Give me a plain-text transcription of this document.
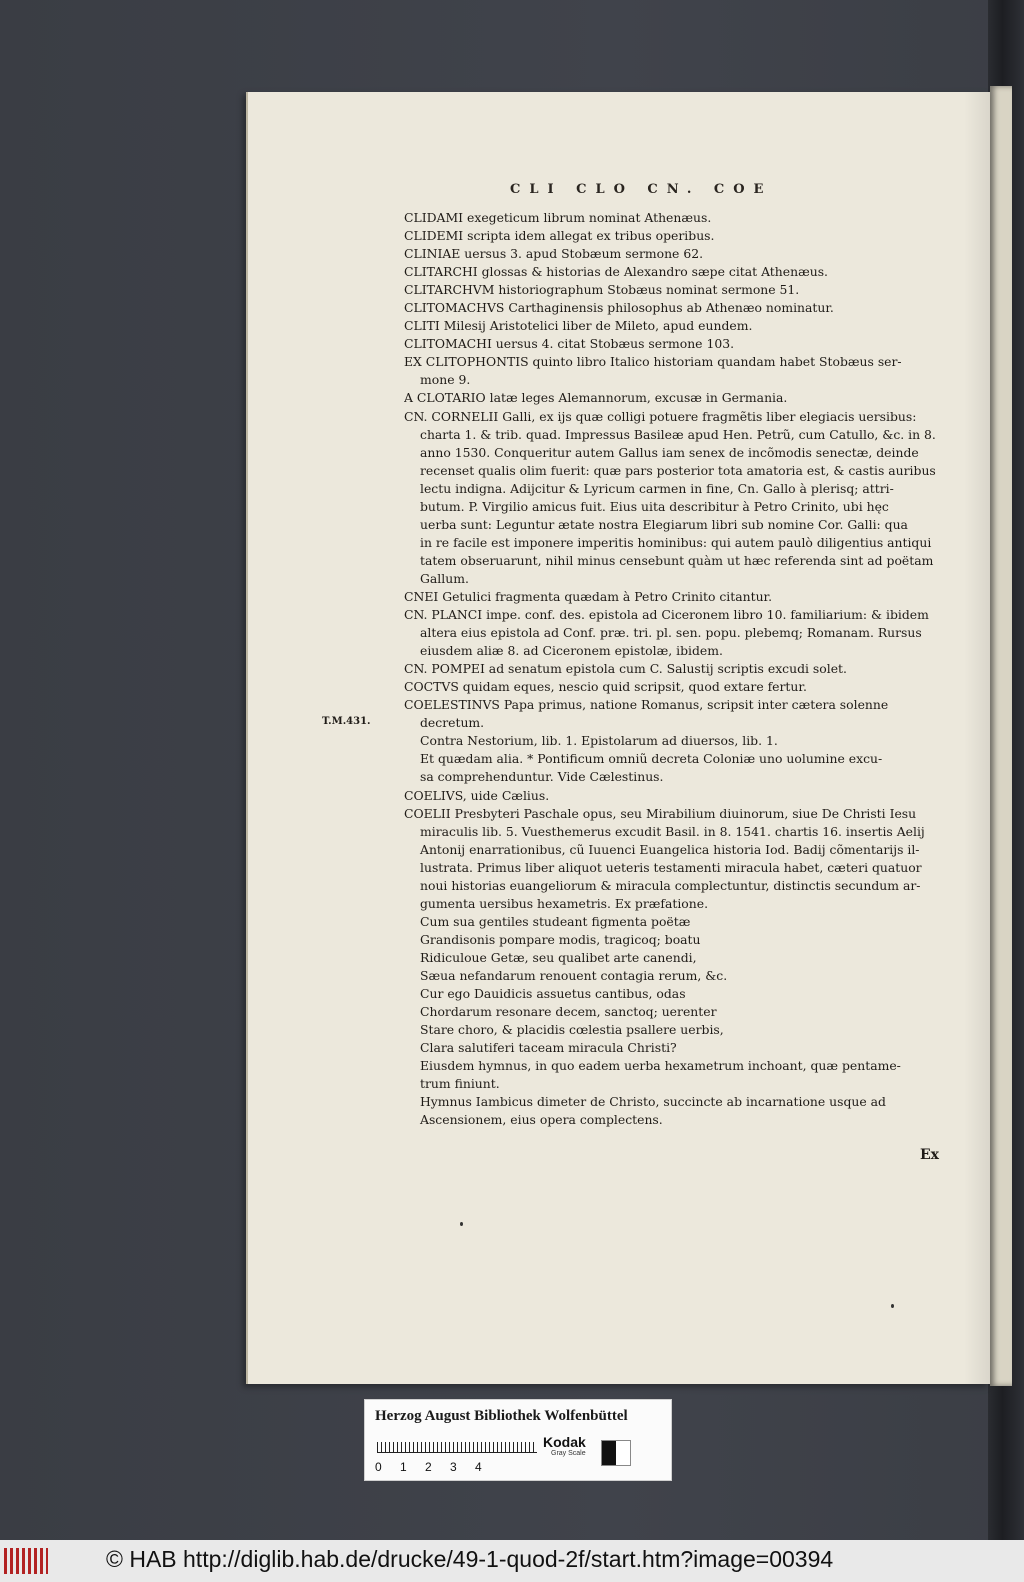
CLI CLO CN. COE
T.M.431.
CLIDAMI exegeticum librum nominat Athenæus.
CLIDEMI scripta idem allegat ex tribus operibus.
CLINIAE uersus 3. apud Stobæum sermone 62.
CLITARCHI glossas & historias de Alexandro sæpe citat Athenæus.
CLITARCHVM historiographum Stobæus nominat sermone 51.
CLITOMACHVS Carthaginensis philosophus ab Athenæo nominatur.
CLITI Milesij Aristotelici liber de Mileto, apud eundem.
CLITOMACHI uersus 4. citat Stobæus sermone 103.
EX CLITOPHONTIS quinto libro Italico historiam quandam habet Stobæus ser-
mone 9.
A CLOTARIO latæ leges Alemannorum, excusæ in Germania.
CN. CORNELII Galli, ex ijs quæ colligi potuere fragmẽtis liber elegiacis uersibus:
charta 1. & trib. quad. Impressus Basileæ apud Hen. Petrũ, cum Catullo, &c. in 8.
anno 1530. Conqueritur autem Gallus iam senex de incõmodis senectæ, deinde
recenset qualis olim fuerit: quæ pars posterior tota amatoria est, & castis auribus
lectu indigna. Adijcitur & Lyricum carmen in fine, Cn. Gallo à plerisq; attri-
butum. P. Virgilio amicus fuit. Eius uita describitur à Petro Crinito, ubi hęc
» uerba sunt: Leguntur ætate nostra Elegiarum libri sub nomine Cor. Galli: qua
» in re facile est imponere imperitis hominibus: qui autem paulò diligentius antiqui
» tatem obseruarunt, nihil minus censebunt quàm ut hæc referenda sint ad poëtam
» Gallum.
CNEI Getulici fragmenta quædam à Petro Crinito citantur.
CN. PLANCI impe. conf. des. epistola ad Ciceronem libro 10. familiarium: & ibidem
altera eius epistola ad Conf. præ. tri. pl. sen. popu. plebemq; Romanam. Rursus
eiusdem aliæ 8. ad Ciceronem epistolæ, ibidem.
CN. POMPEI ad senatum epistola cum C. Salustij scriptis excudi solet.
COCTVS quidam eques, nescio quid scripsit, quod extare fertur.
COELESTINVS Papa primus, natione Romanus, scripsit inter cætera solenne
decretum.
Contra Nestorium, lib. 1. Epistolarum ad diuersos, lib. 1.
Et quædam alia. * Pontificum omniũ decreta Coloniæ uno uolumine excu-
sa comprehenduntur. Vide Cælestinus.
COELIVS, uide Cælius.
COELII Presbyteri Paschale opus, seu Mirabilium diuinorum, siue De Christi Iesu
miraculis lib. 5. Vuesthemerus excudit Basil. in 8. 1541. chartis 16. insertis Aelij
Antonij enarrationibus, cũ Iuuenci Euangelica historia Iod. Badij cõmentarijs il-
lustrata. Primus liber aliquot ueteris testamenti miracula habet, cæteri quatuor
noui historias euangeliorum & miracula complectuntur, distinctis secundum ar-
gumenta uersibus hexametris. Ex præfatione.
» Cum sua gentiles studeant figmenta poëtæ
» Grandisonis pompare modis, tragicoq; boatu
» Ridiculoue Getæ, seu qualibet arte canendi,
» Sæua nefandarum renouent contagia rerum, &c.
» Cur ego Dauidicis assuetus cantibus, odas
» Chordarum resonare decem, sanctoq; uerenter
» Stare choro, & placidis cœlestia psallere uerbis,
» Clara salutiferi taceam miracula Christi?
Eiusdem hymnus, in quo eadem uerba hexametrum inchoant, quæ pentame-
trum finiunt.
Hymnus Iambicus dimeter de Christo, succincte ab incarnatione usque ad
Ascensionem, eius opera complectens.
Ex
Herzog August Bibliothek Wolfenbüttel
0 1 2 3 4
Kodak
Gray Scale
© HAB http://diglib.hab.de/drucke/49-1-quod-2f/start.htm?image=00394
